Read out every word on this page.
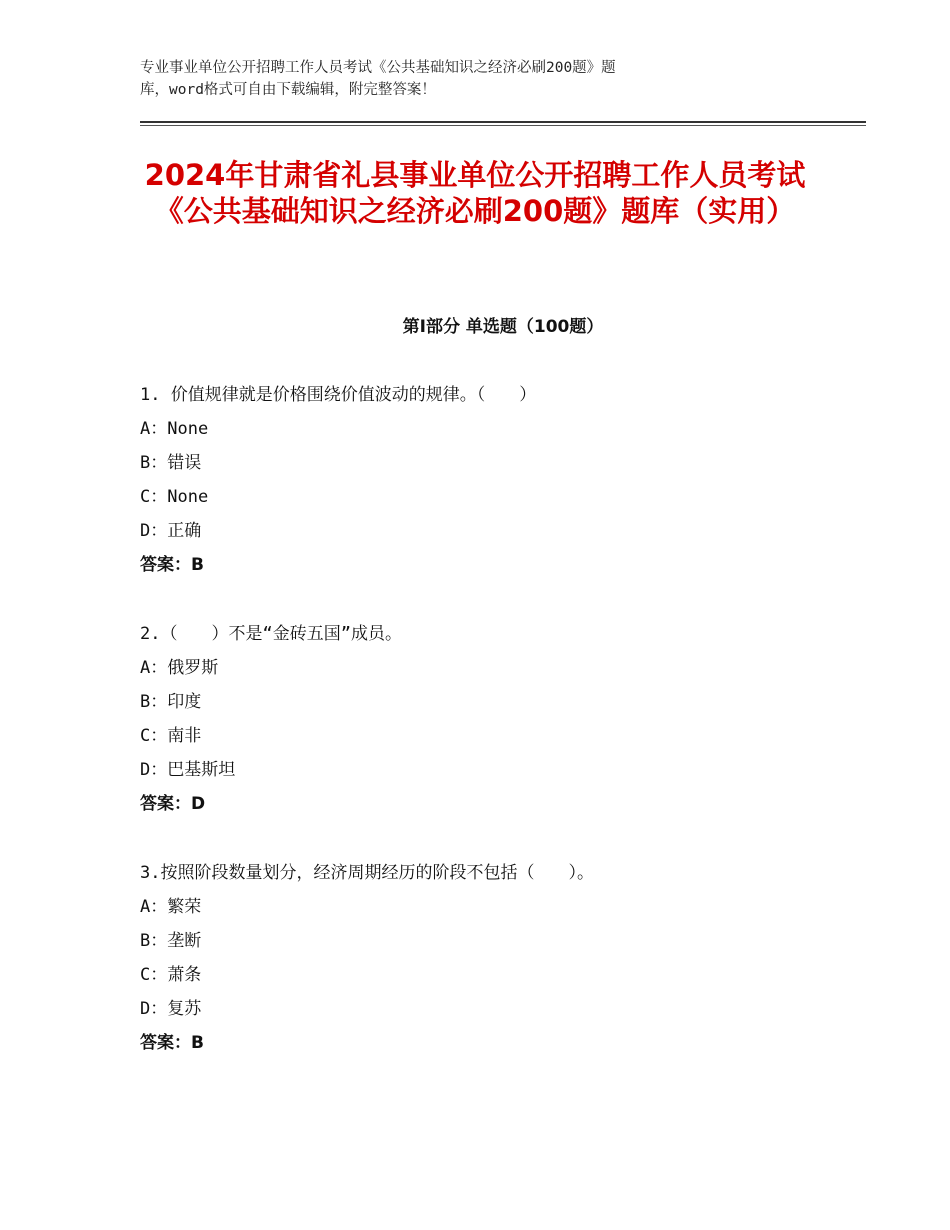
专业事业单位公开招聘工作人员考试《公共基础知识之经济必刷200题》题
库，word格式可自由下载编辑，附完整答案！
2024年甘肃省礼县事业单位公开招聘工作人员考试《公共基础知识之经济必刷200题》题库（实用）
第Ⅰ部分 单选题（100题）
1. 价值规律就是价格围绕价值波动的规律。（　　）
A：None
B：错误
C：None
D：正确
答案：B
2.（　　）不是“金砖五国”成员。
A：俄罗斯
B：印度
C：南非
D：巴基斯坦
答案：D
3.按照阶段数量划分，经济周期经历的阶段不包括（　　）。
A：繁荣
B：垄断
C：萧条
D：复苏
答案：B
